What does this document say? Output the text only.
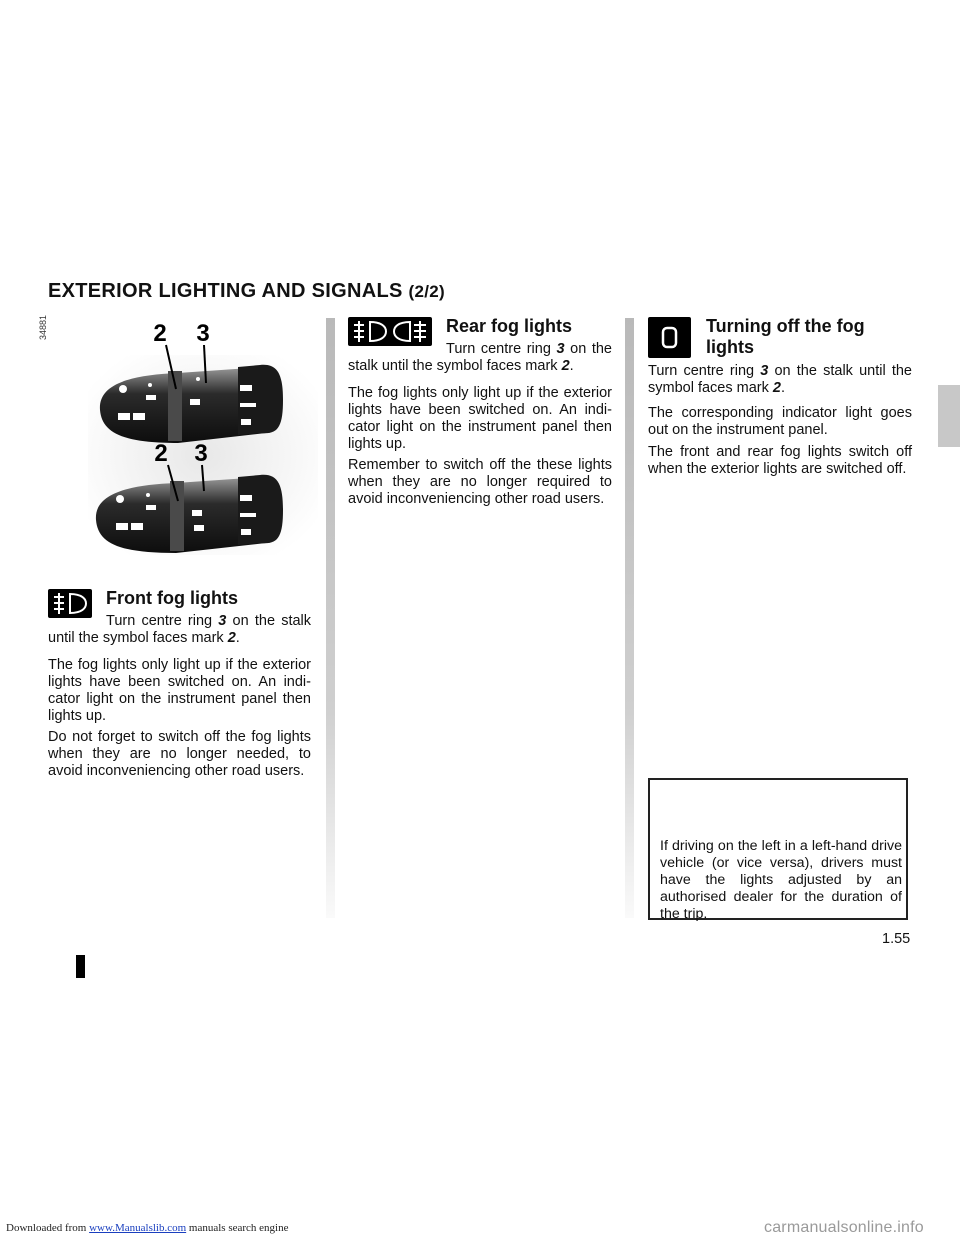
EXTERIOR LIGHTING AND SIGNALS (2/2)
34881	2 3
2 3
Front fog lights
Turn centre ring 3 on the stalk until the symbol faces mark 2.
The fog lights only light up if the exterior lights have been switched on. An indi-cator light on the instrument panel then lights up.
Do not forget to switch off the fog lights when they are no longer needed, to avoid inconveniencing other road users.
Rear fog lights
Turn centre ring 3 on the stalk until the symbol faces mark 2.
The fog lights only light up if the exterior lights have been switched on. An indi-cator light on the instrument panel then lights up.
Remember to switch off the these lights when they are no longer required to avoid inconveniencing other road users.
Turning off the fog lights
Turn centre ring 3 on the stalk until the symbol faces mark 2.
The corresponding indicator light goes out on the instrument panel.
The front and rear fog lights switch off when the exterior lights are switched off.
If driving on the left in a left-hand drive vehicle (or vice versa), drivers must have the lights adjusted by an authorised dealer for the duration of the trip.
1.55
Downloaded from www.Manualslib.com manuals search engine	carmanualsonline.info
